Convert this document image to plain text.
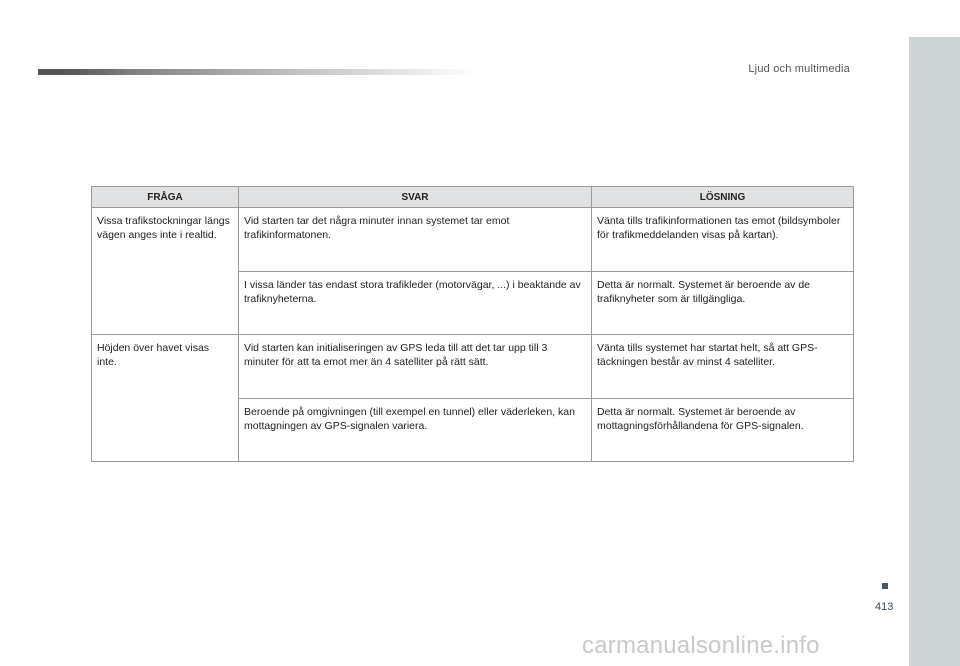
Ljud och multimedia
413
FRÅGA	SVAR	LÖSNING
Vissa trafikstockningar längs vägen anges inte i realtid.	Vid starten tar det några minuter innan systemet tar emot trafikinformatonen.	Vänta tills trafikinformationen tas emot (bildsymboler för trafikmeddelanden visas på kartan).
	I vissa länder tas endast stora trafikleder (motorvägar, ...) i beaktande av trafiknyheterna.	Detta är normalt. Systemet är beroende av de trafiknyheter som är tillgängliga.
Höjden över havet visas inte.	Vid starten kan initialiseringen av GPS leda till att det tar upp till 3 minuter för att ta emot mer än 4 satelliter på rätt sätt.	Vänta tills systemet har startat helt, så att GPS-täckningen består av minst 4 satelliter.
	Beroende på omgivningen (till exempel en tunnel) eller väderleken, kan mottagningen av GPS-signalen variera.	Detta är normalt. Systemet är beroende av mottagningsförhållandena för GPS-signalen.
carmanualsonline.info
